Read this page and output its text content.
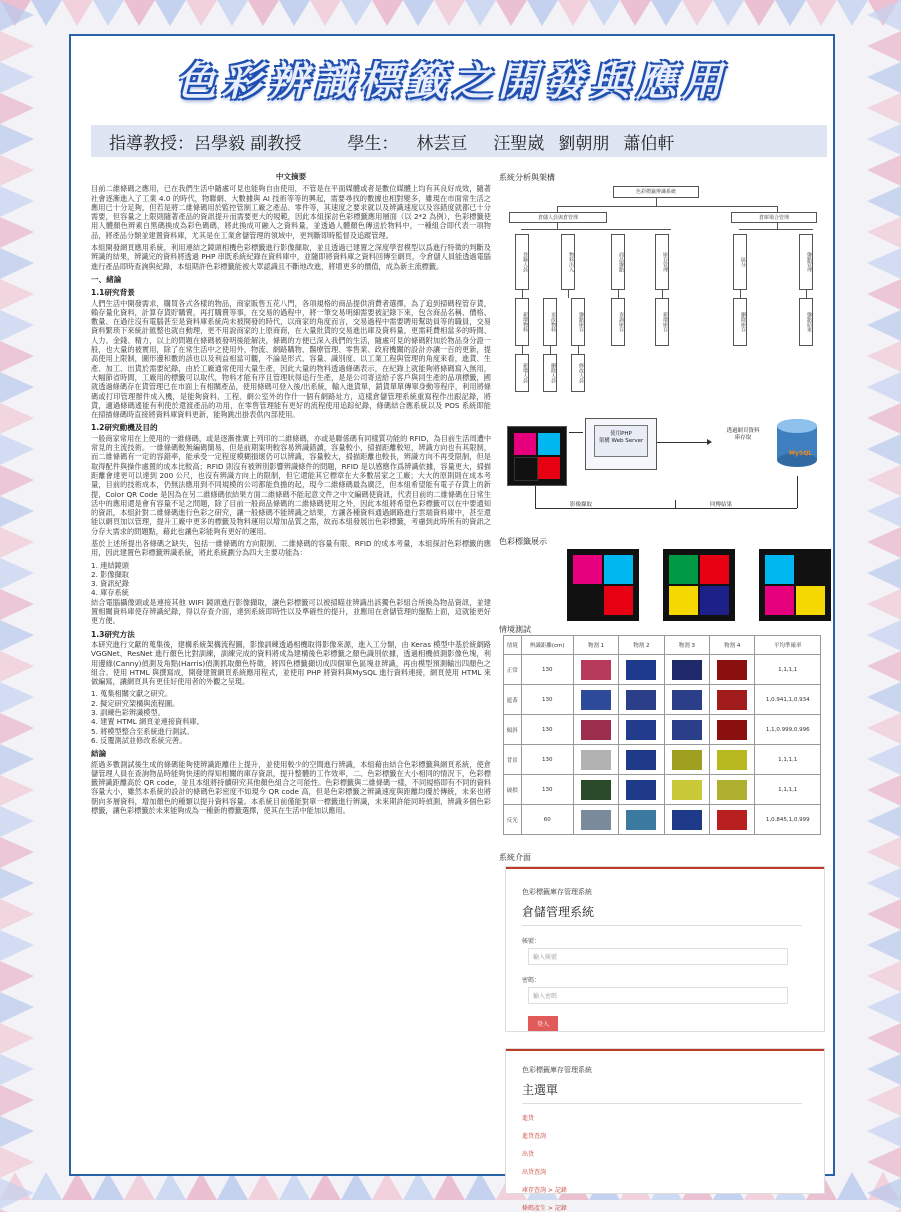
色彩辨識標籤之開發與應用
指導教授： 呂學毅 副教授	學生： 林芸亘 汪聖崴 劉朝朋 蕭伯軒
中文摘要

目前二維條碼之應用，已在我們生活中隨處可見也能夠自由使用，不管是在平面媒體或者是數位媒體上均有其良好成效，隨著社會逐漸進入了工業 4.0 的時代，物聯網、大數據與 AI 技術等等的興起，需要尋找的數據也相對變多，雖現在市面常生活之應用已十分足夠，但若是將二維條碼用於監控管制工廠之產品、零件等，其速度之要求就以及辨識速度以及容錯度就都已十分需要，但容量之上限則隨著產品的資訊提升而需要更大的規範，因此本組探討色彩標籤應用層面（以 2*2 為例），色彩標籤使用人體顏色辨素白黑碼換成為彩色碼碼，將此換成可融入之資料量，並透過人體顏色傳送於物料中，一種組合即代表一項物品，將產品分類並建置資料庫，尤其是在工業倉儲管理的領域中，更判斷即時監督及追蹤管理。

本組開發網頁應用系統，利用連結之鏡頭相機色彩標籤進行影像擷取，並且透過已建置之深度學習模型以爲進行特徵的判斷及辨識的結果，辨識完的資料將透過 PHP 串既系統紀錄在資料庫中，並隨即將資料庫之資料回傳至網頁，令倉儲人員能透過電腦進行產品即時查詢與紀錄，本組期許色彩標籤能被大眾認識且不斷地改進，將增更多的價值，成為新主流標籤。

一、緒論
1.1研究背景

人們生活中開發需求，購買各式各樣的物品，商家販售五花八門，各項規格的商品提供消費者選擇，為了追到掃碼程管存貨，賴存量化資料，計算存貨貯購賣，再打購賣等事，在交易的過程中，將一筆交易明細需要被記錄下來，包含商品名稱、價格、數量、在過往沒有電腦甚至是資料庫系統尚未被開發的時代，以商家的角度而言，交易過程中需要聘用幫助員等的職員，交易資料繁琐下來統計匯整也就自動理，更不用說商家的上原商商，在大量批貨的交易進出庫及資料量，更需耗費相當多的時間、人力、金錢、精力，以上的問題在條碼被發明後能解決，條碼的方便已深入我們的生活，隨處可見的條碼附加於物品身分證一般，也大量的被實用，除了在常生活中之使用外，物流、網路購物、醫療管理、零售業、政府機關的設計亦讓一百的更新，提高使用上限制，圖形邊和數的該也以及利益相當可觀，不論是形式、容量、識別度、以工業工程與管理的角度來看，進貨、生產、加工、出貨於需要紀錄，由於工廠通常使用大量生產，因此大量的物料透過條碼表示，在紀錄上就能夠將條碼寫入無用，大幅節省時間，工廠用的標籤可以取代，物料才能有序且管理狀得追行生產，是是公司寄送給子客戶與同生產的品項標籤，國就透過條碼存在貨管理已在市面上有相關產品，使用條碼可登入後/出系統，輸入進貨單，銷貨單單傳單身動等程序，利用將條碼或打印管理辦件成入機，是能夠資料、工程、網公室外的作什一個有網路址方，這樣倉儲管理系統重寫程作出跟記錄，將貨，適過條碼遙能有利使於還渡產品的功用，在零售管理能有更好的流程使用追踪紀錄，條碼結合應系統以及 POS 系統即能在掃描條碼時直接將資料庫資料更新，能夠跳出掛表供內部使用。

1.2研究動機及目的

一般商家常用在上使用的一維條碼，或是逐漸推廣上列印的二維條碼，亦或是聯係碼有同樣質功能的 RFID，為目前生活周遭中常見的主流技術。一維條碼較無編碼簡易，但是前期案明較容易辨識錯讀，容量較小，掃描距離較短，辨識方向也有其限制，而二維條碼有一定的容錯率，能承受一定程度模糊損壞仍可以辨識，容量較大，掃描距離也較長，辨識方向不再受限制，但是取得配件與操作處置的成本比較高；RFID 則沒有被辨別影響辨識條件的問題，RFID 是以感應作爲辨識依據，容量更大，掃描距離會達更可以達到 200 公尺，也沒有辨識方向上的限制，但它還能其它標章在大多數居家之工廠；大大的原則則在成本考量，目前的技術成本，仍無法應用到不同規模的公司都能負擔的起，現今二維條碼最為廣泛，但本組希望能有電子存貨上的新提，Color QR Code 是因為在另二維條碼依結果方面二維條碼不能起意文件之中文編碼使資訊，代表目前的二維條碼在日常生活中的應用還是會有容量不足之問題，除了目前一般商品條碼的二維條碼使用之外，因此本組將希望色彩標籤可以在中要通知的資訊，本組針對二維條碼進行色彩之研究，讓一般條碼不能辨識之結果，方讓各種資料通過網路進行雲端資料庫中，甚至還能以網頁加以管理，提升工廠中更多的標籤及物料運用以增加品質之需，故而本組發展出色彩標籤，考慮到此時所有的資訊之分存大需求的問題點，藉此也讓色彩能夠有更好的運用。

基於上述所提出各條碼之缺失，包括一維條碼的方向限制、二維條碼的容量有限、RFID 的成本考量，本組探討色彩標籤的應用，因此建置色彩標籤辨識系統，將此系統劃分為四大主要功能為：

1. 連結鏡頭

2. 影像擷取

3. 資訊紀錄

4. 庫存系統

結合電腦攝像頭或是連接其他 WIFI 鏡頭進行影像擷取，讓色彩標籤可以被掃瞄並辨識出該獨色彩組合所換為物品資訊，並建置相關資料庫使存辨識紀錄，得以存查介面，達到系統即時性以及準確性的提升，並應用在倉儲管理的盤點上面，這就能更好更方便。

1.3研究方法

本研究進行文獻的蒐集後，建構系統架構流程圖，影像訓練透過相機取得影像來源，進入工分類，由 Keras 模型中基於統網路 VGGNet、ResNet 進行顏色比對訓練，訓練完成的資料將成為建構後色彩標籤之顏色識別依據，透過相機偵測影像色塊，利用邊緣(Canny)偵測及角點(Harris)偵測抓取顏色特徵，將四色標籤擷切成四個單色區塊並辨識，再由模型預測輸出四顏色之組合。使用 HTML 與撰寫成，開發建置網頁系統應用程式，並使用 PHP 將資料與MySQL 進行資料連接，網頁使用 HTML 來做編寫，讓網頁具有更佳好使用者的外觀之呈現。

1. 蒐集相關文獻之研究。

2. 擬定研究架構與流程圖。

3. 訓練色彩辨識模型。

4. 建置 HTML 網頁並連接資料庫。

5. 將模型整合至系統進行測試。

6. 反覆測試並修改系統完善。

結論

經過多數測試後生成的條碼能夠使辨識距離往上提升，並使用較少的空間進行辨識，本組藉由結合色彩標籤與網頁系統，使倉儲管理人員在查詢物品時能夠快速的得知相關的庫存資訊，提升整體的工作效率，二、色彩標籤在大小相同的情況下，色彩標籤辨識距離高於 QR code，並且本組將持續研究其他顏色組合之可能性。色彩標籤與二維條碼一樣，不同規格即有不同的資料容量大小，雖然本系統的設計的條碼色彩密度不如現今 QR code 高，但是色彩標籤之辨識速度與距離均優於傳統，未來也將朝向多層資料，增加顏色的種類以提升資料容量。本系統目前僅能對單一標籤進行辨識，未來期許能同時偵測，辨識多個色彩標籤，讓色彩標籤於未來能夠成為一種新的標籤選擇，使其在生活中能加以應用。

系統分析與架構
色彩標籤辨識系統
倉儲人員與倉管理	倉庫場合管理
登錄人員	物料出入	商品盤點	庫存管理	區分	盤點管理
新增物料	更改物料	盤點庫存	查詢庫存	新增庫存	刪除庫存	盤點結果
新增人員	刪除人員	修改人員
使用PHP
架構 Web Server
透過網頁資料
庫存取
MySQL
影像擷取	回傳結果
色彩標籤展示
情境測試
情境	辨識距離(cm)	物割 1	物割 2	物割 3	物割 4	平均準確率
正常	130					1,1,1,1
遮蓋	130					1,0.941,1,0.934
傾斜	130					1,1,0.999,0.996
背景	130					1,1,1,1
破損	130					1,1,1,1
反光	60					1,0.845,1,0.999
系統介面
色彩標籤庫存管理系統
倉儲管理系統
帳號：
輸入帳號
密碼：
輸入密碼
登入
色彩標籤庫存管理系統
主選單
進貨
進貨查詢
出貨
出貨查詢
庫存查詢 > 記錄
條碼產生 > 記錄
